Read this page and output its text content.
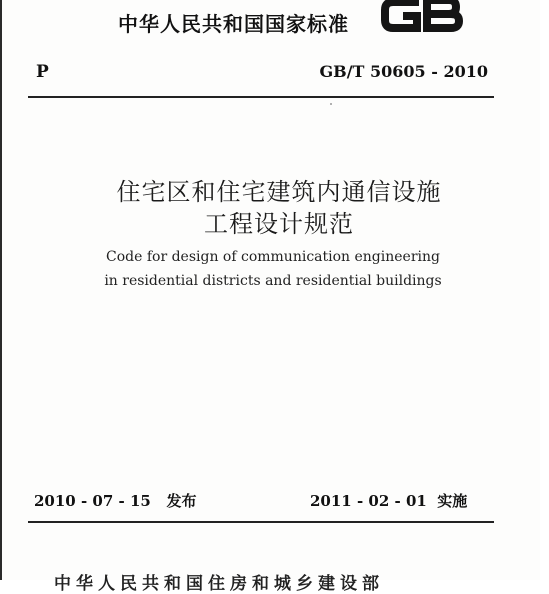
中华人民共和国国家标准
P	GB/T 50605 - 2010
住宅区和住宅建筑内通信设施
工程设计规范
Code for design of communication engineering
in residential districts and residential buildings
2010 - 07 - 15 发布	2011 - 02 - 01 实施
中华人民共和国住房和城乡建设部
